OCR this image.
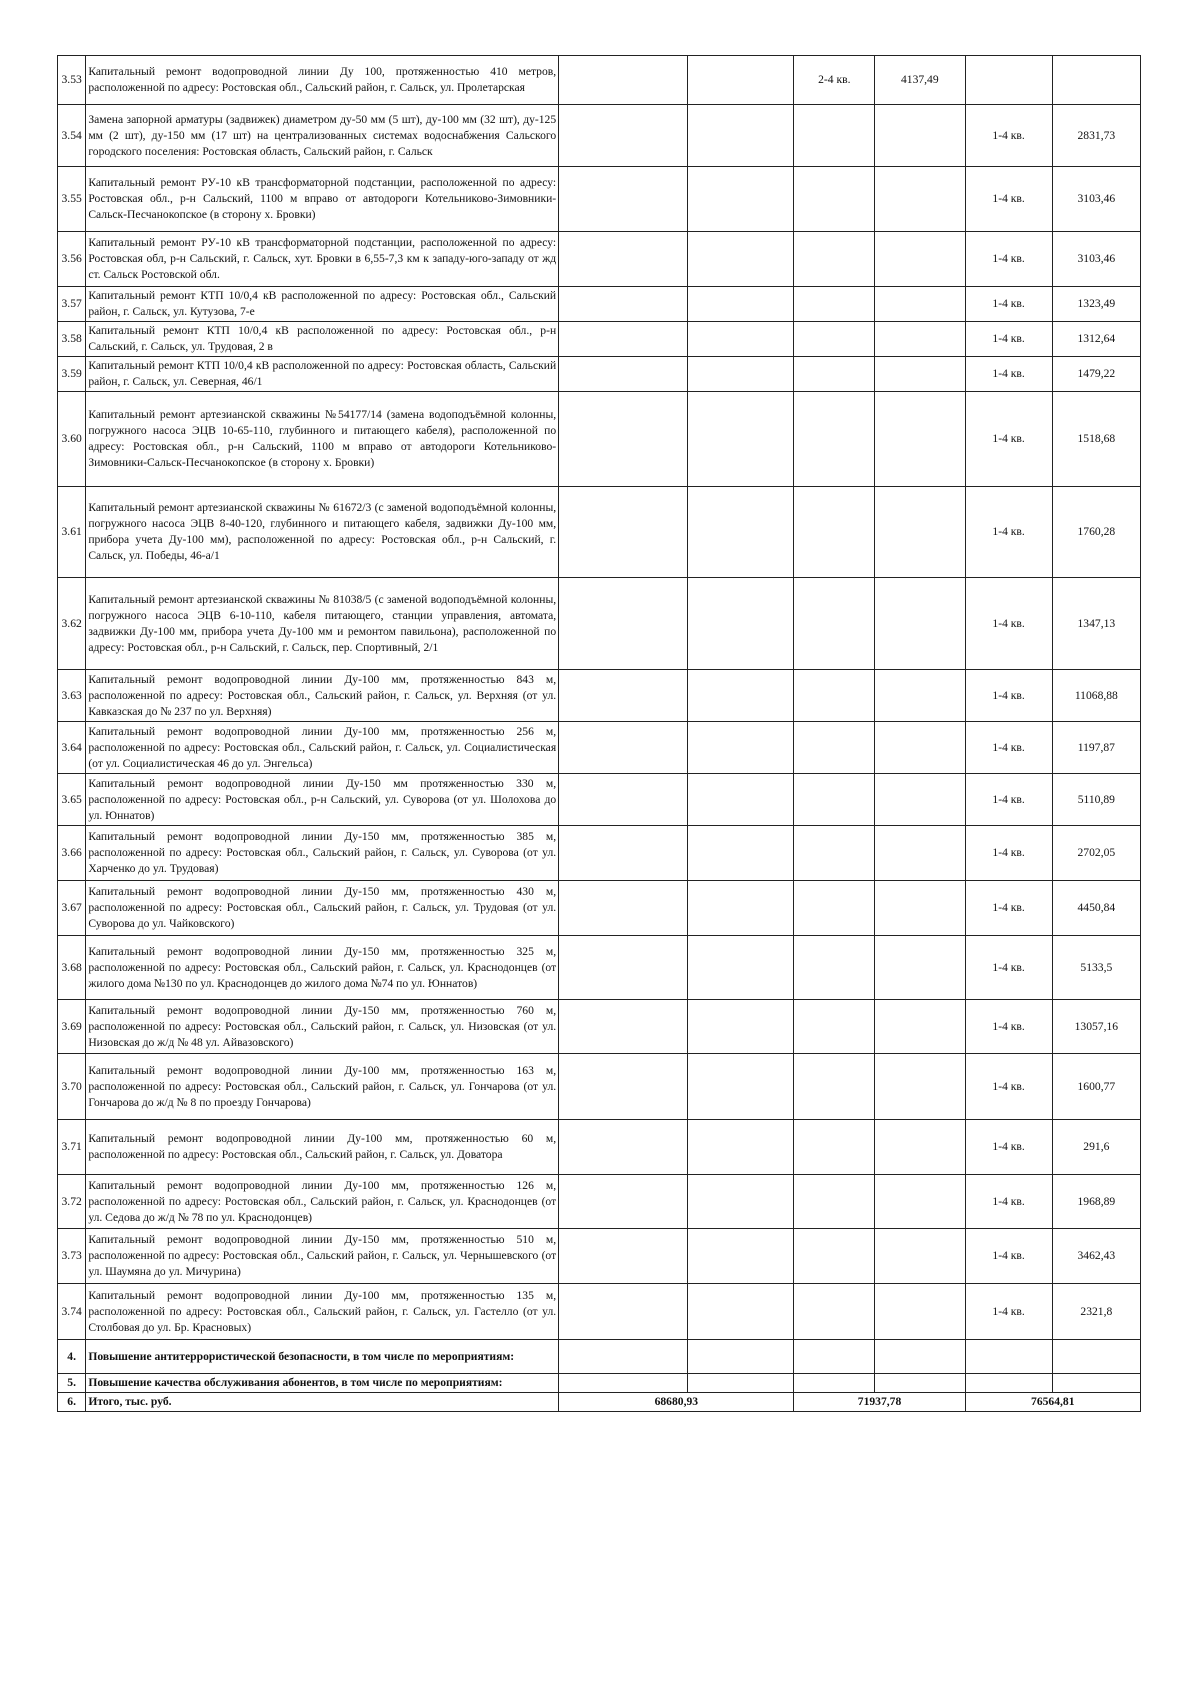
3.53	Капитальный ремонт водопроводной линии Ду 100, протяженностью 410 метров, расположенной по адресу: Ростовская обл., Сальский район, г. Сальск, ул. Пролетарская			2-4 кв.	4137,49		
3.54	Замена запорной арматуры (задвижек) диаметром ду-50 мм (5 шт), ду-100 мм (32 шт), ду-125 мм (2 шт), ду-150 мм (17 шт) на централизованных системах водоснабжения Сальского городского поселения: Ростовская область, Сальский район, г. Сальск					1-4 кв.	2831,73
3.55	Капитальный ремонт РУ-10 кВ трансформаторной подстанции, расположенной по адресу: Ростовская обл., р-н Сальский, 1100 м вправо от автодороги Котельниково-Зимовники-Сальск-Песчанокопское (в сторону х. Бровки)					1-4 кв.	3103,46
3.56	Капитальный ремонт РУ-10 кВ трансформаторной подстанции, расположенной по адресу: Ростовская обл, р-н Сальский, г. Сальск, хут. Бровки в 6,55-7,3 км к западу-юго-западу от жд ст. Сальск Ростовской обл.					1-4 кв.	3103,46
3.57	Капитальный ремонт КТП 10/0,4 кВ расположенной по адресу: Ростовская обл., Сальский район, г. Сальск, ул. Кутузова, 7-е					1-4 кв.	1323,49
3.58	Капитальный ремонт КТП 10/0,4 кВ расположенной по адресу: Ростовская обл., р-н Сальский, г. Сальск, ул. Трудовая, 2 в					1-4 кв.	1312,64
3.59	Капитальный ремонт КТП 10/0,4 кВ расположенной по адресу: Ростовская область, Сальский район, г. Сальск, ул. Северная, 46/1					1-4 кв.	1479,22
3.60	Капитальный ремонт артезианской скважины №54177/14 (замена водоподъёмной колонны, погружного насоса ЭЦВ 10-65-110, глубинного и питающего кабеля), расположенной по адресу: Ростовская обл., р-н Сальский, 1100 м вправо от автодороги Котельниково-Зимовники-Сальск-Песчанокопское (в сторону х. Бровки)					1-4 кв.	1518,68
3.61	Капитальный ремонт артезианской скважины № 61672/3 (с заменой водоподъёмной колонны, погружного насоса ЭЦВ 8-40-120, глубинного и питающего кабеля, задвижки Ду-100 мм, прибора учета Ду-100 мм), расположенной по адресу: Ростовская обл., р-н Сальский, г. Сальск, ул. Победы, 46-а/1					1-4 кв.	1760,28
3.62	Капитальный ремонт артезианской скважины № 81038/5 (с заменой водоподъёмной колонны, погружного насоса ЭЦВ 6-10-110, кабеля питающего, станции управления, автомата, задвижки Ду-100 мм, прибора учета Ду-100 мм и ремонтом павильона), расположенной по адресу: Ростовская обл., р-н Сальский, г. Сальск, пер. Спортивный, 2/1					1-4 кв.	1347,13
3.63	Капитальный ремонт водопроводной линии Ду-100 мм, протяженностью 843 м, расположенной по адресу: Ростовская обл., Сальский район, г. Сальск, ул. Верхняя (от ул. Кавказская до № 237 по ул. Верхняя)					1-4 кв.	11068,88
3.64	Капитальный ремонт водопроводной линии Ду-100 мм, протяженностью 256 м, расположенной по адресу: Ростовская обл., Сальский район, г. Сальск, ул. Социалистическая (от ул. Социалистическая 46 до ул. Энгельса)					1-4 кв.	1197,87
3.65	Капитальный ремонт водопроводной линии Ду-150 мм протяженностью 330 м, расположенной по адресу: Ростовская обл., р-н Сальский, ул. Суворова (от ул. Шолохова до ул. Юннатов)					1-4 кв.	5110,89
3.66	Капитальный ремонт водопроводной линии Ду-150 мм, протяженностью 385 м, расположенной по адресу: Ростовская обл., Сальский район, г. Сальск, ул. Суворова (от ул. Харченко до ул. Трудовая)					1-4 кв.	2702,05
3.67	Капитальный ремонт водопроводной линии Ду-150 мм, протяженностью 430 м, расположенной по адресу: Ростовская обл., Сальский район, г. Сальск, ул. Трудовая (от ул. Суворова до ул. Чайковского)					1-4 кв.	4450,84
3.68	Капитальный ремонт водопроводной линии Ду-150 мм, протяженностью 325 м, расположенной по адресу: Ростовская обл., Сальский район, г. Сальск, ул. Краснодонцев (от жилого дома №130 по ул. Краснодонцев до жилого дома №74 по ул. Юннатов)					1-4 кв.	5133,5
3.69	Капитальный ремонт водопроводной линии Ду-150 мм, протяженностью 760 м, расположенной по адресу: Ростовская обл., Сальский район, г. Сальск, ул. Низовская (от ул. Низовская до ж/д № 48 ул. Айвазовского)					1-4 кв.	13057,16
3.70	Капитальный ремонт водопроводной линии Ду-100 мм, протяженностью 163 м, расположенной по адресу: Ростовская обл., Сальский район, г. Сальск, ул. Гончарова (от ул. Гончарова до ж/д № 8 по проезду Гончарова)					1-4 кв.	1600,77
3.71	Капитальный ремонт водопроводной линии Ду-100 мм, протяженностью 60 м, расположенной по адресу: Ростовская обл., Сальский район, г. Сальск, ул. Доватора					1-4 кв.	291,6
3.72	Капитальный ремонт водопроводной линии Ду-100 мм, протяженностью 126 м, расположенной по адресу: Ростовская обл., Сальский район, г. Сальск, ул. Краснодонцев (от ул. Седова до ж/д № 78 по ул. Краснодонцев)					1-4 кв.	1968,89
3.73	Капитальный ремонт водопроводной линии Ду-150 мм, протяженностью 510 м, расположенной по адресу: Ростовская обл., Сальский район, г. Сальск, ул. Чернышевского (от ул. Шаумяна до ул. Мичурина)					1-4 кв.	3462,43
3.74	Капитальный ремонт водопроводной линии Ду-100 мм, протяженностью 135 м, расположенной по адресу: Ростовская обл., Сальский район, г. Сальск, ул. Гастелло (от ул. Столбовая до ул. Бр. Красновых)					1-4 кв.	2321,8
4.	Повышение антитеррористической безопасности, в том числе по мероприятиям:						
5.	Повышение качества обслуживания абонентов, в том числе по мероприятиям:						
6.	Итого, тыс. руб.	68680,93		71937,78		76564,81	
